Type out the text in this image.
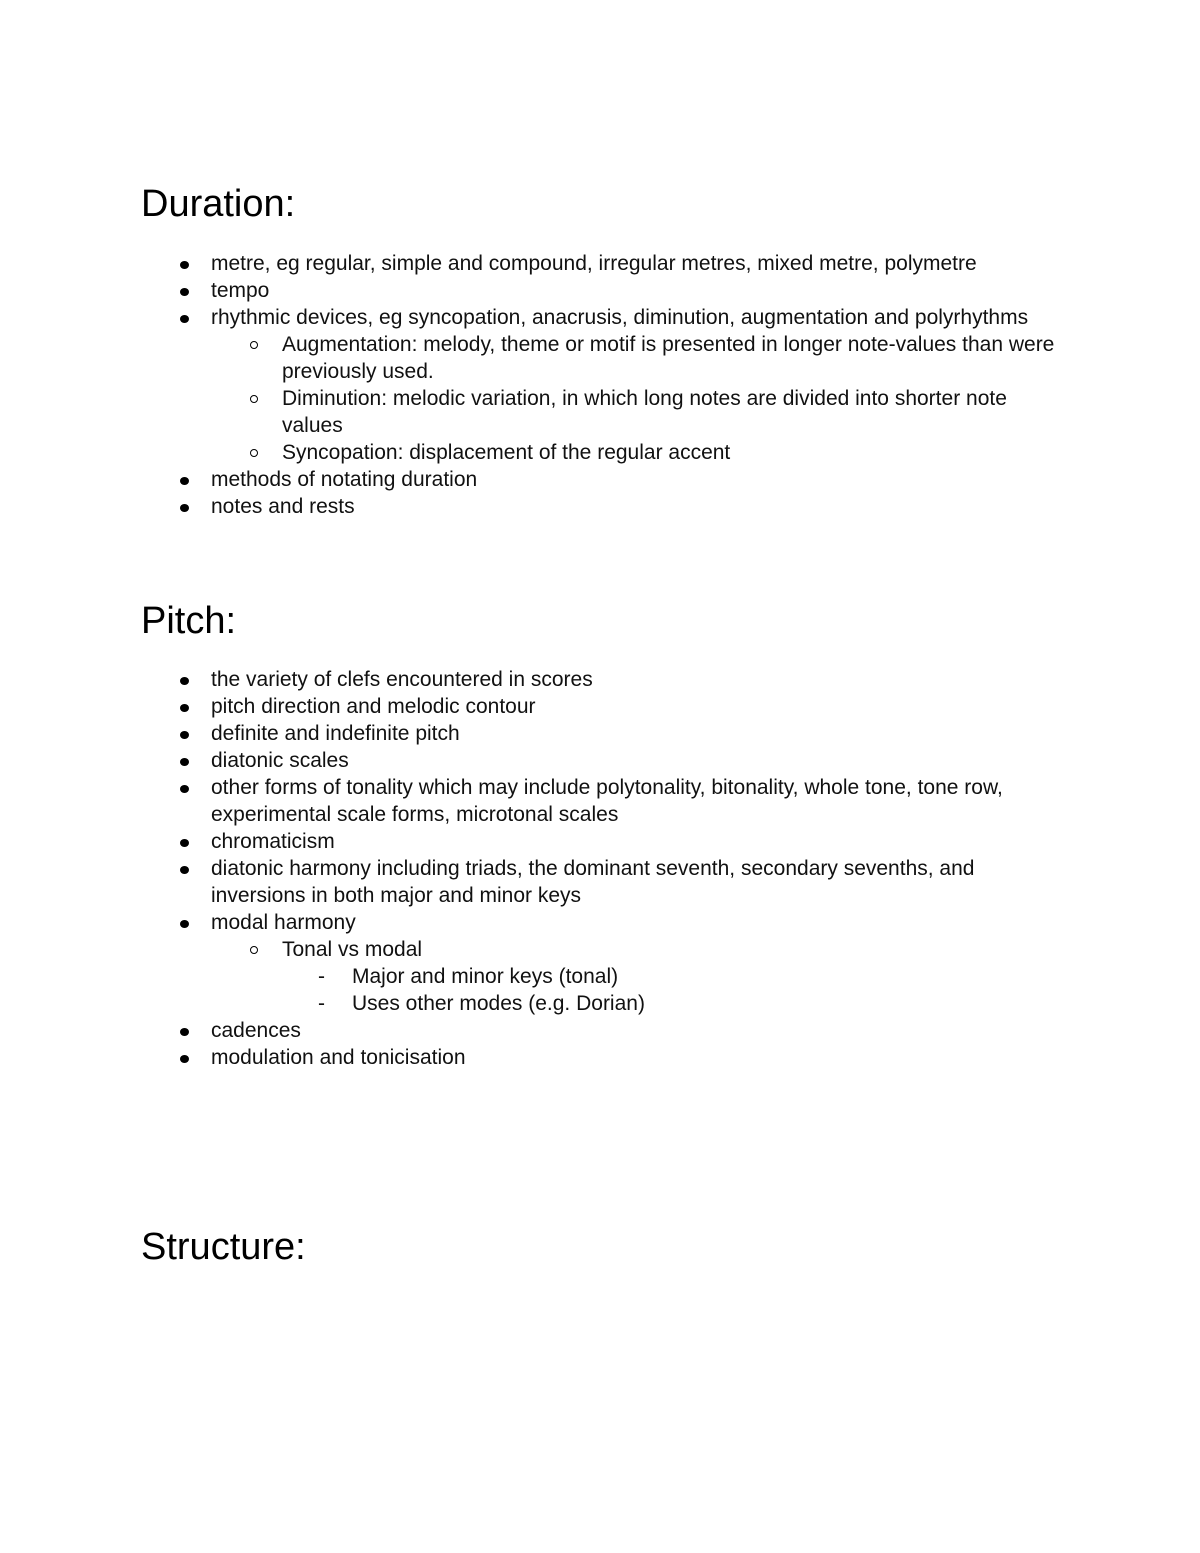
Duration:
metre, eg regular, simple and compound, irregular metres, mixed metre, polymetre
tempo
rhythmic devices, eg syncopation, anacrusis, diminution, augmentation and polyrhythms
Augmentation: melody, theme or motif is presented in longer note-values than were previously used.
Diminution: melodic variation, in which long notes are divided into shorter note values
Syncopation: displacement of the regular accent
methods of notating duration
notes and rests
Pitch:
the variety of clefs encountered in scores
pitch direction and melodic contour
definite and indefinite pitch
diatonic scales
other forms of tonality which may include polytonality, bitonality, whole tone, tone row, experimental scale forms, microtonal scales
chromaticism
diatonic harmony including triads, the dominant seventh, secondary sevenths, and
inversions in both major and minor keys
modal harmony
Tonal vs modal
- Major and minor keys (tonal)
- Uses other modes (e.g. Dorian)
cadences
modulation and tonicisation
Structure:
